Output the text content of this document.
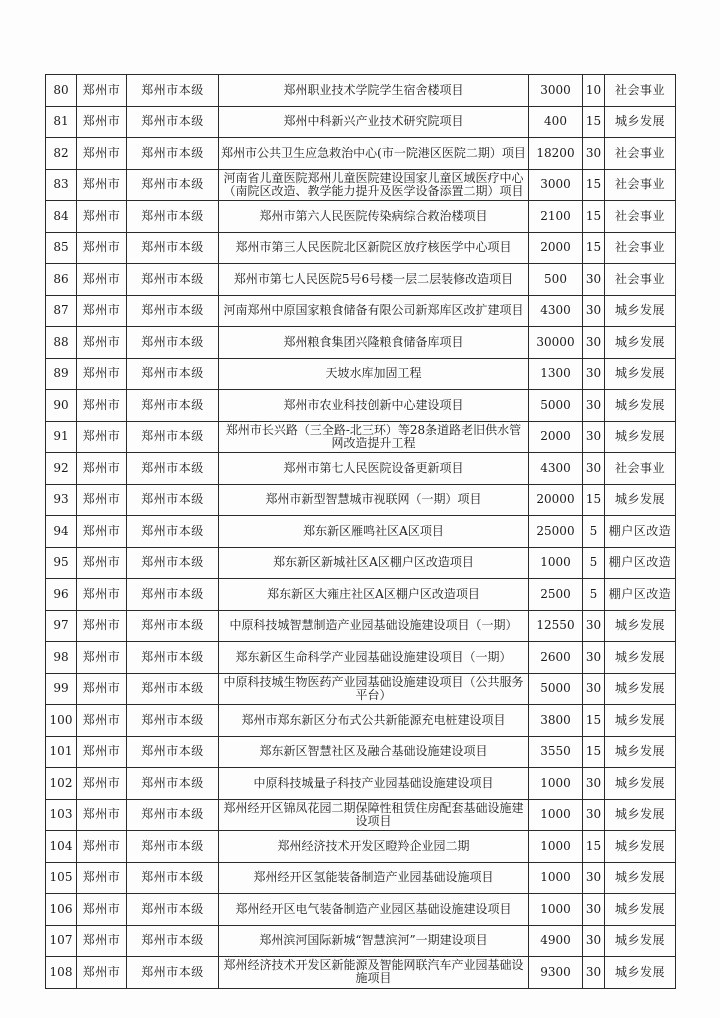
80	郑州市	郑州市本级	郑州职业技术学院学生宿舍楼项目	3000	10	社会事业
81	郑州市	郑州市本级	郑州中科新兴产业技术研究院项目	400	15	城乡发展
82	郑州市	郑州市本级	郑州市公共卫生应急救治中心(市一院港区医院二期）项目	18200	30	社会事业
83	郑州市	郑州市本级	河南省儿童医院郑州儿童医院建设国家儿童区域医疗中心（南院区改造、教学能力提升及医学设备添置二期）项目	3000	15	社会事业
84	郑州市	郑州市本级	郑州市第六人民医院传染病综合救治楼项目	2100	15	社会事业
85	郑州市	郑州市本级	郑州市第三人民医院北区新院区放疗核医学中心项目	2000	15	社会事业
86	郑州市	郑州市本级	郑州市第七人民医院5号6号楼一层二层装修改造项目	500	30	社会事业
87	郑州市	郑州市本级	河南郑州中原国家粮食储备有限公司新郑库区改扩建项目	4300	30	城乡发展
88	郑州市	郑州市本级	郑州粮食集团兴隆粮食储备库项目	30000	30	城乡发展
89	郑州市	郑州市本级	天坡水库加固工程	1300	30	城乡发展
90	郑州市	郑州市本级	郑州市农业科技创新中心建设项目	5000	30	城乡发展
91	郑州市	郑州市本级	郑州市长兴路（三全路-北三环）等28条道路老旧供水管网改造提升工程	2000	30	城乡发展
92	郑州市	郑州市本级	郑州市第七人民医院设备更新项目	4300	30	社会事业
93	郑州市	郑州市本级	郑州市新型智慧城市视联网（一期）项目	20000	15	城乡发展
94	郑州市	郑州市本级	郑东新区雁鸣社区A区项目	25000	5	棚户区改造
95	郑州市	郑州市本级	郑东新区新城社区A区棚户区改造项目	1000	5	棚户区改造
96	郑州市	郑州市本级	郑东新区大雍庄社区A区棚户区改造项目	2500	5	棚户区改造
97	郑州市	郑州市本级	中原科技城智慧制造产业园基础设施建设项目（一期）	12550	30	城乡发展
98	郑州市	郑州市本级	郑东新区生命科学产业园基础设施建设项目（一期）	2600	30	城乡发展
99	郑州市	郑州市本级	中原科技城生物医药产业园基础设施建设项目（公共服务平台）	5000	30	城乡发展
100	郑州市	郑州市本级	郑州市郑东新区分布式公共新能源充电桩建设项目	3800	15	城乡发展
101	郑州市	郑州市本级	郑东新区智慧社区及融合基础设施建设项目	3550	15	城乡发展
102	郑州市	郑州市本级	中原科技城量子科技产业园基础设施建设项目	1000	30	城乡发展
103	郑州市	郑州市本级	郑州经开区锦凤花园二期保障性租赁住房配套基础设施建设项目	1000	30	城乡发展
104	郑州市	郑州市本级	郑州经济技术开发区瞪羚企业园二期	1000	15	城乡发展
105	郑州市	郑州市本级	郑州经开区氢能装备制造产业园基础设施项目	1000	30	城乡发展
106	郑州市	郑州市本级	郑州经开区电气装备制造产业园区基础设施建设项目	1000	30	城乡发展
107	郑州市	郑州市本级	郑州滨河国际新城“智慧滨河”一期建设项目	4900	30	城乡发展
108	郑州市	郑州市本级	郑州经济技术开发区新能源及智能网联汽车产业园基础设施项目	9300	30	城乡发展
